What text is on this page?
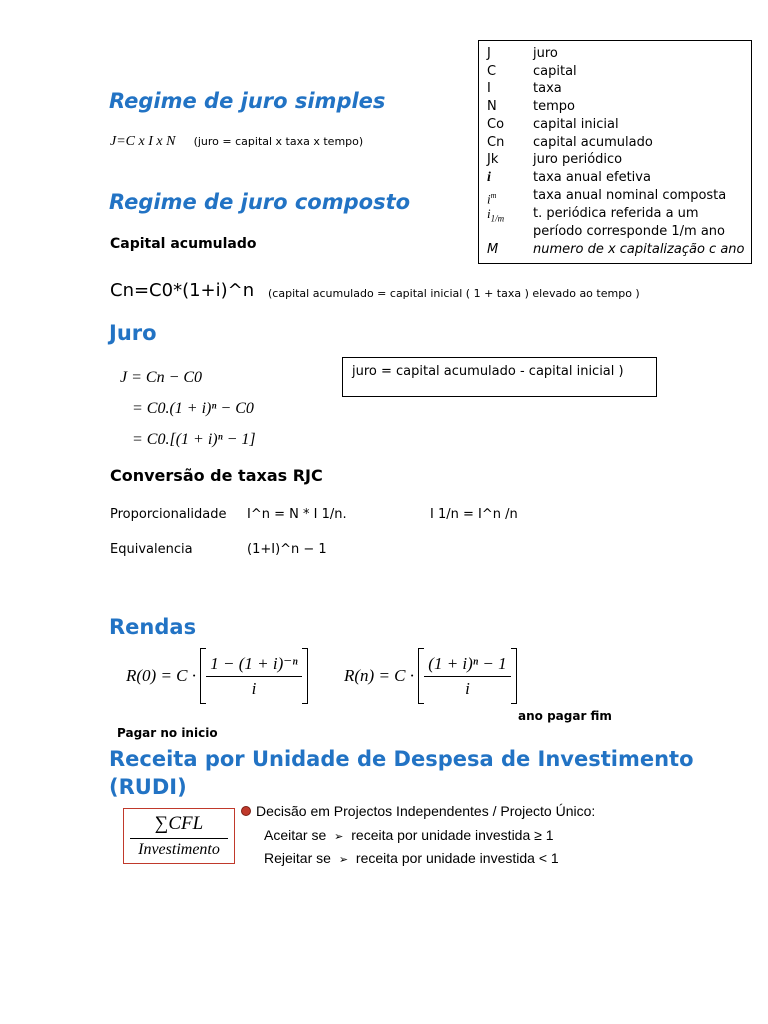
J	juro
C	capital
I	taxa
N	tempo
Co	capital inicial
Cn	capital acumulado
Jk	juro periódico
i	taxa anual efetiva
$i^m$	taxa anual nominal composta
$i_{1/m}$	t. periódica referida a um
período corresponde 1/m ano
M	numero de x capitalização c ano
Regime de juro simples
J=C x I x N (juro = capital x taxa x tempo)
Regime de juro composto
Capital acumulado
Cn=C0*(1+i)^n (capital acumulado = capital inicial ( 1 + taxa ) elevado ao tempo )
Juro
J = Cn − C0
= C0.(1 + i)ⁿ − C0
= C0.[(1 + i)ⁿ − 1]
juro = capital acumulado - capital inicial )
Conversão de taxas RJC
Proporcionalidade I^n = N * I 1/n.	I 1/n = I^n /n
Equivalencia	(1+I)^n − 1
Rendas
$R(0) = C \cdot \frac{\text{1 − (1 + i)⁻ⁿ}}{i} R(n) = C \cdot \frac{\text{(1 + i)ⁿ − 1}}{i}$
ano pagar fim
Pagar no inicio
Receita por Unidade de Despesa de Investimento
(RUDI)
∑CFL
Investimento
Decisão em Projectos Independentes / Projecto Único:
Aceitar se ➢ receita por unidade investida ≥ 1
Rejeitar se ➢ receita por unidade investida < 1
